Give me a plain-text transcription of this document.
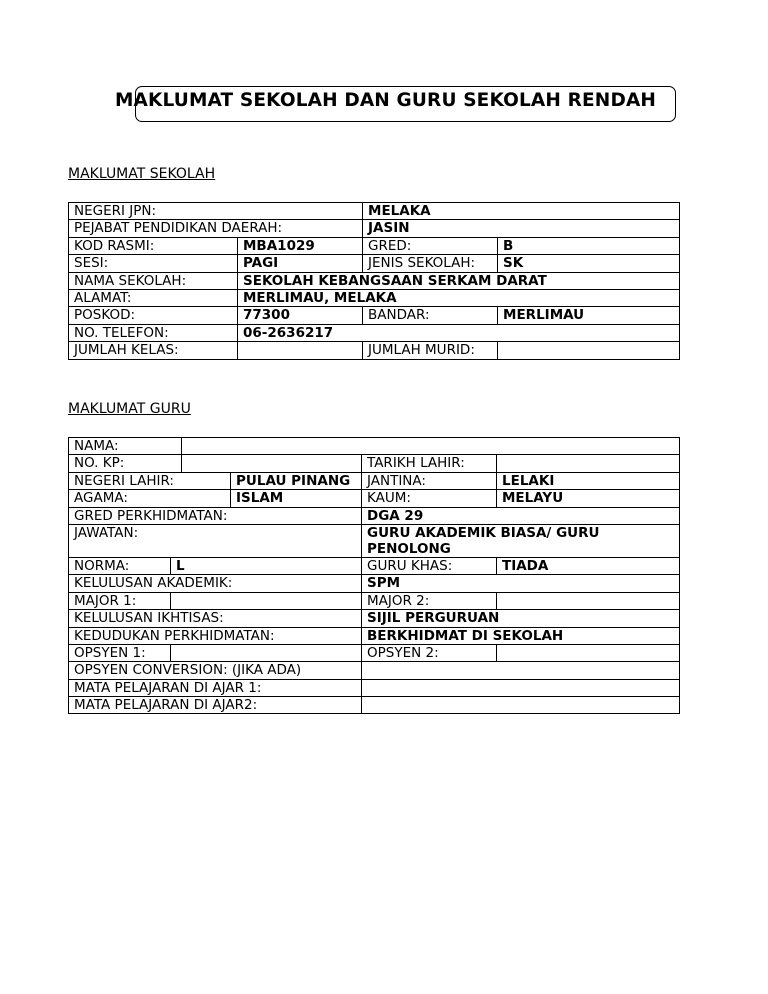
MAKLUMAT SEKOLAH DAN GURU SEKOLAH RENDAH
MAKLUMAT SEKOLAH
NEGERI JPN:		MELAKA	
PEJABAT PENDIDIKAN DAERAH:		JASIN	
KOD RASMI:	MBA1029	GRED:	B
SESI:	PAGI	JENIS SEKOLAH:	SK
NAMA SEKOLAH:	SEKOLAH KEBANGSAAN SERKAM DARAT		
ALAMAT:	MERLIMAU, MELAKA		
POSKOD:	77300	BANDAR:	MERLIMAU
NO. TELEFON:	06-2636217		
JUMLAH KELAS:		JUMLAH MURID:	
MAKLUMAT GURU
NAMA:					
NO. KP:				TARIKH LAHIR:	
NEGERI LAHIR:			PULAU PINANG	JANTINA:	LELAKI
AGAMA:			ISLAM	KAUM:	MELAYU
GRED PERKHIDMATAN:				DGA 29	
JAWATAN:				GURU AKADEMIK BIASA/ GURU PENOLONG	
NORMA:	L			GURU KHAS:	TIADA
KELULUSAN AKADEMIK:				SPM	
MAJOR 1:				MAJOR 2:	
KELULUSAN IKHTISAS:				SIJIL PERGURUAN	
KEDUDUKAN PERKHIDMATAN:				BERKHIDMAT DI SEKOLAH	
OPSYEN 1:				OPSYEN 2:	
OPSYEN CONVERSION: (JIKA ADA)					
MATA PELAJARAN DI AJAR 1:					
MATA PELAJARAN DI AJAR2:					
